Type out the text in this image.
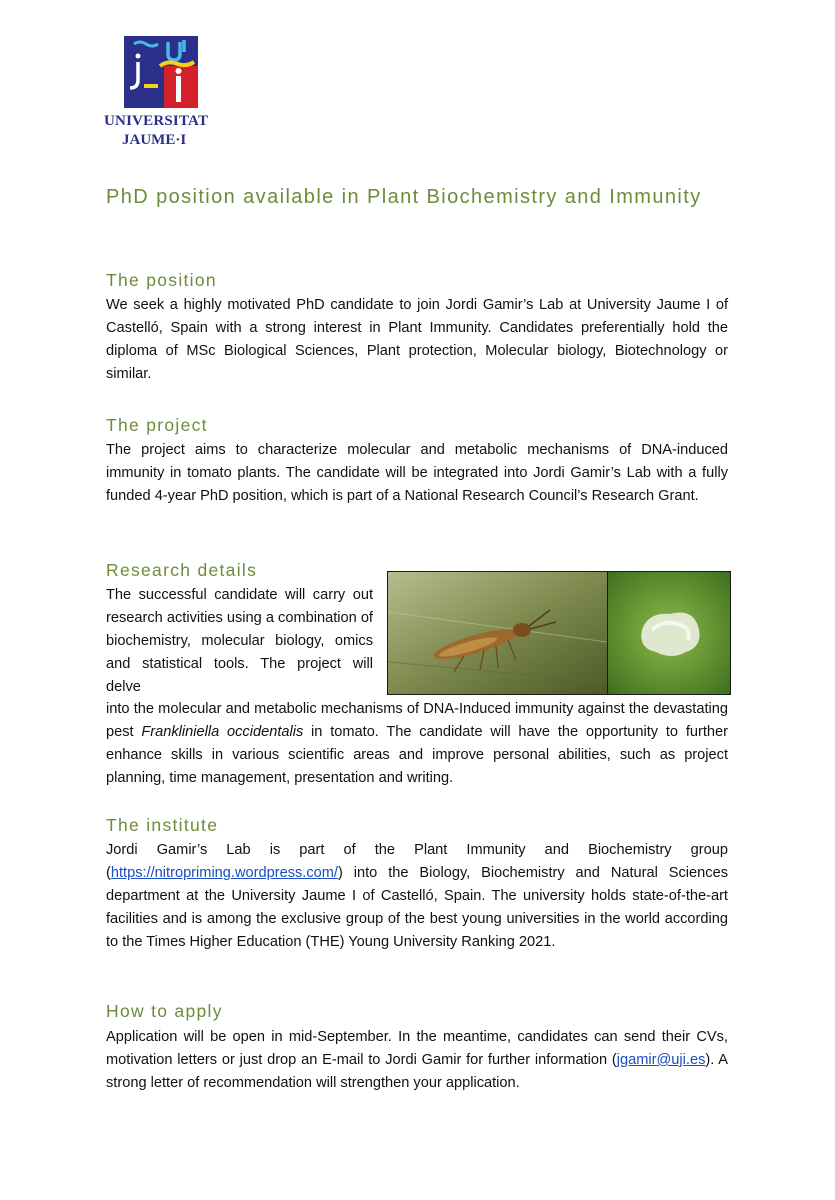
UNIVERSITAT
JAUME·I
PhD position available in Plant Biochemistry and Immunity
The position

We seek a highly motivated PhD candidate to join Jordi Gamir’s Lab at University Jaume I of Castelló, Spain with a strong interest in Plant Immunity. Candidates preferentially hold the diploma of MSc Biological Sciences, Plant protection, Molecular biology, Biotechnology or similar.

The project

The project aims to characterize molecular and metabolic mechanisms of DNA-induced immunity in tomato plants. The candidate will be integrated into Jordi Gamir’s Lab with a fully funded 4-year PhD position, which is part of a National Research Council’s Research Grant.

Research details

The successful candidate will carry out research activities using a combination of biochemistry, molecular biology, omics and statistical tools. The project will delve

into the molecular and metabolic mechanisms of DNA-Induced immunity against the devastating pest Frankliniella occidentalis in tomato. The candidate will have the opportunity to further enhance skills in various scientific areas and improve personal abilities, such as project planning, time management, presentation and writing.

The institute

Jordi Gamir’s Lab is part of the Plant Immunity and Biochemistry group (https://nitropriming.wordpress.com/) into the Biology, Biochemistry and Natural Sciences department at the University Jaume I of Castelló, Spain. The university holds state-of-the-art facilities and is among the exclusive group of the best young universities in the world according to the Times Higher Education (THE) Young University Ranking 2021.

How to apply

Application will be open in mid-September. In the meantime, candidates can send their CVs, motivation letters or just drop an E-mail to Jordi Gamir for further information (jgamir@uji.es). A strong letter of recommendation will strengthen your application.
